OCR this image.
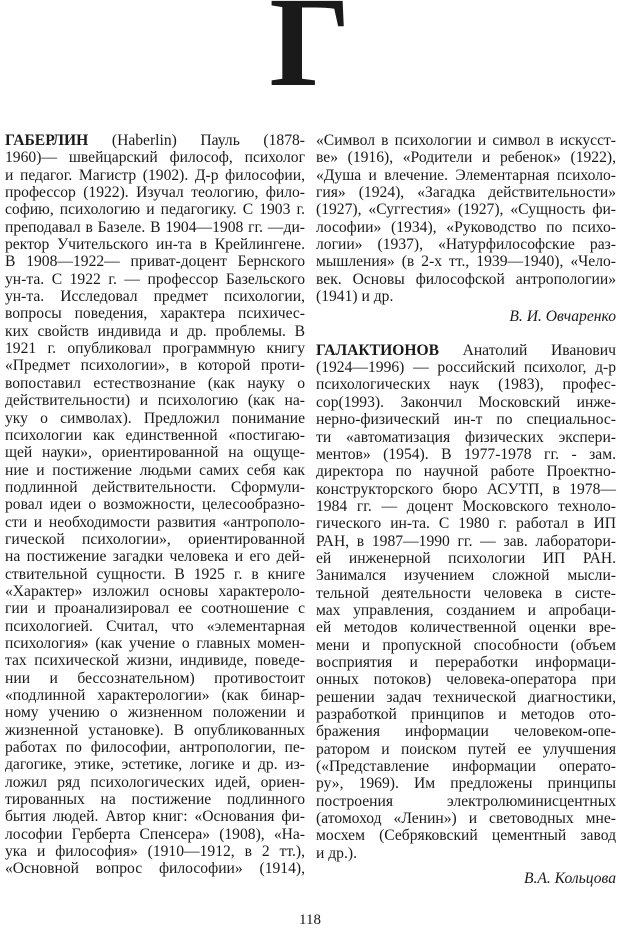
Г
ГАБЕРЛИН (Haberlin) Пауль (1878-
1960)— швейцарский философ, психолог
и педагог. Магистр (1902). Д-р философии,
профессор (1922). Изучал теологию, фило-
софию, психологию и педагогику. С 1903 г.
преподавал в Базеле. В 1904—1908 гг. —ди-
ректор Учительского ин-та в Крейлингене.
В 1908—1922— приват-доцент Бернского
ун-та. С 1922 г. — профессор Базельского
ун-та. Исследовал предмет психологии,
вопросы поведения, характера психичес-
ких свойств индивида и др. проблемы. В
1921 г. опубликовал программную книгу
«Предмет психологии», в которой проти-
вопоставил естествознание (как науку о
действительности) и психологию (как на-
уку о символах). Предложил понимание
психологии как единственной «постигаю-
щей науки», ориентированной на ощуще-
ние и постижение людьми самих себя как
подлинной действительности. Сформули-
ровал идеи о возможности, целесообразно-
сти и необходимости развития «антрополо-
гической психологии», ориентированной
на постижение загадки человека и его дей-
ствительной сущности. В 1925 г. в книге
«Характер» изложил основы характероло-
гии и проанализировал ее соотношение с
психологией. Считал, что «элементарная
психология» (как учение о главных момен-
тах психической жизни, индивиде, поведе-
нии и бессознательном) противостоит
«подлинной характерологии» (как бинар-
ному учению о жизненном положении и
жизненной установке). В опубликованных
работах по философии, антропологии, пе-
дагогике, этике, эстетике, логике и др. из-
ложил ряд психологических идей, ориен-
тированных на постижение подлинного
бытия людей. Автор книг: «Основания фи-
лософии Герберта Спенсера» (1908), «На-
ука и философия» (1910—1912, в 2 тт.),
«Основной вопрос философии» (1914),
«Символ в психологии и символ в искусст-
ве» (1916), «Родители и ребенок» (1922),
«Душа и влечение. Элементарная психоло-
гия» (1924), «Загадка действительности»
(1927), «Суггестия» (1927), «Сущность фи-
лософии» (1934), «Руководство по психо-
логии» (1937), «Натурфилософские раз-
мышления» (в 2-х тт., 1939—1940), «Чело-
век. Основы философской антропологии»
(1941) и др.
В. И. Овчаренко
ГАЛАКТИОНОВ Анатолий Иванович
(1924—1996) — российский психолог, д-р
психологических наук (1983), профес-
сор(1993). Закончил Московский инже-
нерно-физический ин-т по специальнос-
ти «автоматизация физических экспери-
ментов» (1954). В 1977-1978 гг. - зам.
директора по научной работе Проектно-
конструкторского бюро АСУТП, в 1978—
1984 гг. — доцент Московского техноло-
гического ин-та. С 1980 г. работал в ИП
РАН, в 1987—1990 гг. — зав. лаборатори-
ей инженерной психологии ИП РАН.
Занимался изучением сложной мысли-
тельной деятельности человека в систе-
мах управления, созданием и апробаци-
ей методов количественной оценки вре-
мени и пропускной способности (объем
восприятия и переработки информаци-
онных потоков) человека-оператора при
решении задач технической диагностики,
разработкой принципов и методов ото-
бражения информации человеком-опе-
ратором и поиском путей ее улучшения
(«Представление информации операто-
ру», 1969). Им предложены принципы
построения электролюминисцентных
(атомоход «Ленин») и световодных мне-
мосхем (Себряковский цементный завод
и др.).
В.А. Кольцова
118
